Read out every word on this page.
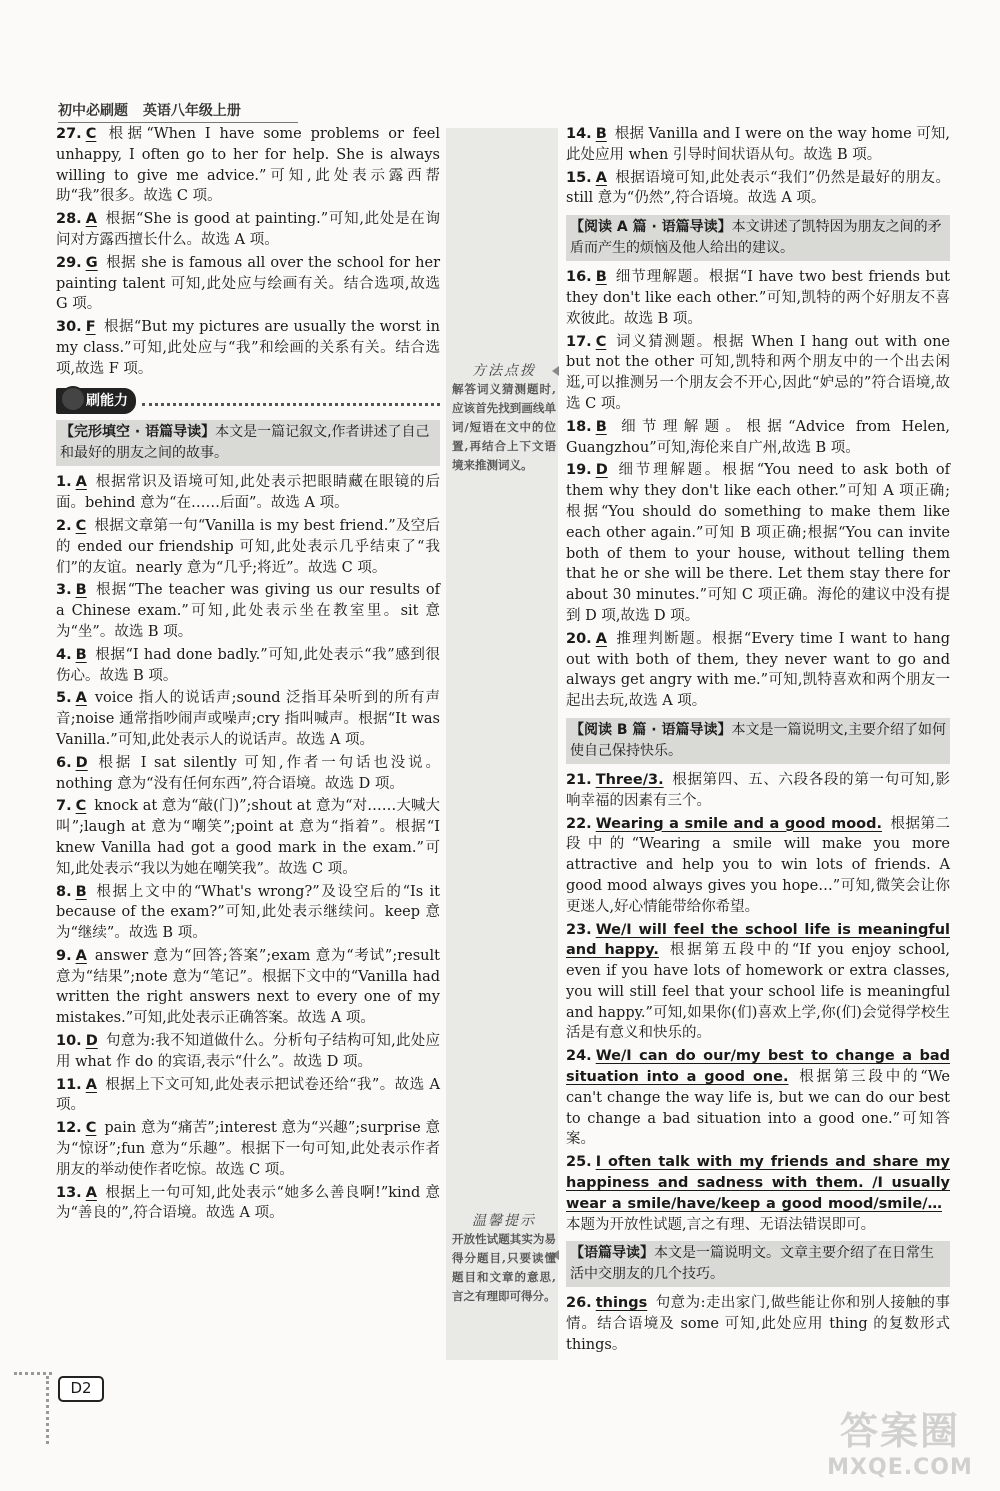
初中必刷题 英语八年级上册
27. C 根据“When I have some problems or feel unhappy, I often go to her for help. She is always willing to give me advice.”可知,此处表示露西帮助“我”很多。故选 C 项。
28. A 根据“She is good at painting.”可知,此处是在询问对方露西擅长什么。故选 A 项。
29. G 根据 she is famous all over the school for her painting talent 可知,此处应与绘画有关。结合选项,故选 G 项。
30. F 根据“But my pictures are usually the worst in my class.”可知,此处应与“我”和绘画的关系有关。结合选项,故选 F 项。
刷能力
【完形填空 · 语篇导读】本文是一篇记叙文,作者讲述了自己和最好的朋友之间的故事。
1. A 根据常识及语境可知,此处表示把眼睛藏在眼镜的后面。behind 意为“在……后面”。故选 A 项。
2. C 根据文章第一句“Vanilla is my best friend.”及空后的 ended our friendship 可知,此处表示几乎结束了“我们”的友谊。nearly 意为“几乎;将近”。故选 C 项。
3. B 根据“The teacher was giving us our results of a Chinese exam.”可知,此处表示坐在教室里。sit 意为“坐”。故选 B 项。
4. B 根据“I had done badly.”可知,此处表示“我”感到很伤心。故选 B 项。
5. A voice 指人的说话声;sound 泛指耳朵听到的所有声音;noise 通常指吵闹声或噪声;cry 指叫喊声。根据“It was Vanilla.”可知,此处表示人的说话声。故选 A 项。
6. D 根据 I sat silently 可知,作者一句话也没说。nothing 意为“没有任何东西”,符合语境。故选 D 项。
7. C knock at 意为“敲(门)”;shout at 意为“对……大喊大叫”;laugh at 意为“嘲笑”;point at 意为“指着”。根据“I knew Vanilla had got a good mark in the exam.”可知,此处表示“我以为她在嘲笑我”。故选 C 项。
8. B 根据上文中的“What's wrong?”及设空后的“Is it because of the exam?”可知,此处表示继续问。keep 意为“继续”。故选 B 项。
9. A answer 意为“回答;答案”;exam 意为“考试”;result 意为“结果”;note 意为“笔记”。根据下文中的“Vanilla had written the right answers next to every one of my mistakes.”可知,此处表示正确答案。故选 A 项。
10. D 句意为:我不知道做什么。分析句子结构可知,此处应用 what 作 do 的宾语,表示“什么”。故选 D 项。
11. A 根据上下文可知,此处表示把试卷还给“我”。故选 A 项。
12. C pain 意为“痛苦”;interest 意为“兴趣”;surprise 意为“惊讶”;fun 意为“乐趣”。根据下一句可知,此处表示作者朋友的举动使作者吃惊。故选 C 项。
13. A 根据上一句可知,此处表示“她多么善良啊!”kind 意为“善良的”,符合语境。故选 A 项。
方法点拨
解答词义猜测题时,应该首先找到画线单词/短语在文中的位置,再结合上下文语境来推测词义。
温馨提示
开放性试题其实为易得分题目,只要读懂题目和文章的意思,言之有理即可得分。
14. B 根据 Vanilla and I were on the way home 可知,此处应用 when 引导时间状语从句。故选 B 项。
15. A 根据语境可知,此处表示“我们”仍然是最好的朋友。still 意为“仍然”,符合语境。故选 A 项。
【阅读 A 篇 · 语篇导读】本文讲述了凯特因为朋友之间的矛盾而产生的烦恼及他人给出的建议。
16. B 细节理解题。根据“I have two best friends but they don't like each other.”可知,凯特的两个好朋友不喜欢彼此。故选 B 项。
17. C 词义猜测题。根据 When I hang out with one but not the other 可知,凯特和两个朋友中的一个出去闲逛,可以推测另一个朋友会不开心,因此“妒忌的”符合语境,故选 C 项。
18. B 细节理解题。根据“Advice from Helen, Guangzhou”可知,海伦来自广州,故选 B 项。
19. D 细节理解题。根据“You need to ask both of them why they don't like each other.”可知 A 项正确;根据“You should do something to make them like each other again.”可知 B 项正确;根据“You can invite both of them to your house, without telling them that he or she will be there. Let them stay there for about 30 minutes.”可知 C 项正确。海伦的建议中没有提到 D 项,故选 D 项。
20. A 推理判断题。根据“Every time I want to hang out with both of them, they never want to go and always get angry with me.”可知,凯特喜欢和两个朋友一起出去玩,故选 A 项。
【阅读 B 篇 · 语篇导读】本文是一篇说明文,主要介绍了如何使自己保持快乐。
21. Three/3. 根据第四、五、六段各段的第一句可知,影响幸福的因素有三个。
22. Wearing a smile and a good mood. 根据第二段中的“Wearing a smile will make you more attractive and help you to win lots of friends. A good mood always gives you hope…”可知,微笑会让你更迷人,好心情能带给你希望。
23. We/I will feel the school life is meaningful and happy. 根据第五段中的“If you enjoy school, even if you have lots of homework or extra classes, you will still feel that your school life is meaningful and happy.”可知,如果你(们)喜欢上学,你(们)会觉得学校生活是有意义和快乐的。
24. We/I can do our/my best to change a bad situation into a good one. 根据第三段中的“We can't change the way life is, but we can do our best to change a bad situation into a good one.”可知答案。
25. I often talk with my friends and share my happiness and sadness with them. /I usually wear a smile/have/keep a good mood/smile/…本题为开放性试题,言之有理、无语法错误即可。
【语篇导读】本文是一篇说明文。文章主要介绍了在日常生活中交朋友的几个技巧。
26. things 句意为:走出家门,做些能让你和别人接触的事情。结合语境及 some 可知,此处应用 thing 的复数形式 things。
D2
答案圈
MXQE.COM
